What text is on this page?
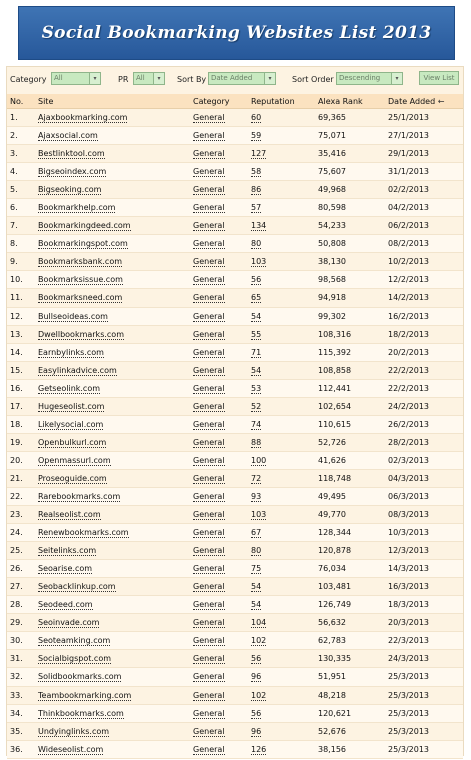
Social Bookmarking Websites List 2013
Category	All	▾	PR	All	▾	Sort By Date Added	▾	Sort Order Descending	▾	View List
No.	Site	Category	Reputation	Alexa Rank	Date Added ←
1.	Ajaxbookmarking.com	General	60	69,365	25/1/2013
2.	Ajaxsocial.com	General	59	75,071	27/1/2013
3.	Bestlinktool.com	General	127	35,416	29/1/2013
4.	Bigseoindex.com	General	58	75,607	31/1/2013
5.	Bigseoking.com	General	86	49,968	02/2/2013
6.	Bookmarkhelp.com	General	57	80,598	04/2/2013
7.	Bookmarkingdeed.com	General	134	54,233	06/2/2013
8.	Bookmarkingspot.com	General	80	50,808	08/2/2013
9.	Bookmarksbank.com	General	103	38,130	10/2/2013
10.	Bookmarksissue.com	General	56	98,568	12/2/2013
11.	Bookmarksneed.com	General	65	94,918	14/2/2013
12.	Bullseoideas.com	General	54	99,302	16/2/2013
13.	Dwellbookmarks.com	General	55	108,316	18/2/2013
14.	Earnbylinks.com	General	71	115,392	20/2/2013
15.	Easylinkadvice.com	General	54	108,858	22/2/2013
16.	Getseolink.com	General	53	112,441	22/2/2013
17.	Hugeseolist.com	General	52	102,654	24/2/2013
18.	Likelysocial.com	General	74	110,615	26/2/2013
19.	Openbulkurl.com	General	88	52,726	28/2/2013
20.	Openmassurl.com	General	100	41,626	02/3/2013
21.	Proseoguide.com	General	72	118,748	04/3/2013
22.	Rarebookmarks.com	General	93	49,495	06/3/2013
23.	Realseolist.com	General	103	49,770	08/3/2013
24.	Renewbookmarks.com	General	67	128,344	10/3/2013
25.	Seitelinks.com	General	80	120,878	12/3/2013
26.	Seoarise.com	General	75	76,034	14/3/2013
27.	Seobacklinkup.com	General	54	103,481	16/3/2013
28.	Seodeed.com	General	54	126,749	18/3/2013
29.	Seoinvade.com	General	104	56,632	20/3/2013
30.	Seoteamking.com	General	102	62,783	22/3/2013
31.	Socialbigspot.com	General	56	130,335	24/3/2013
32.	Solidbookmarks.com	General	96	51,951	25/3/2013
33.	Teambookmarking.com	General	102	48,218	25/3/2013
34.	Thinkbookmarks.com	General	56	120,621	25/3/2013
35.	Undyinglinks.com	General	96	52,676	25/3/2013
36.	Wideseolist.com	General	126	38,156	25/3/2013
